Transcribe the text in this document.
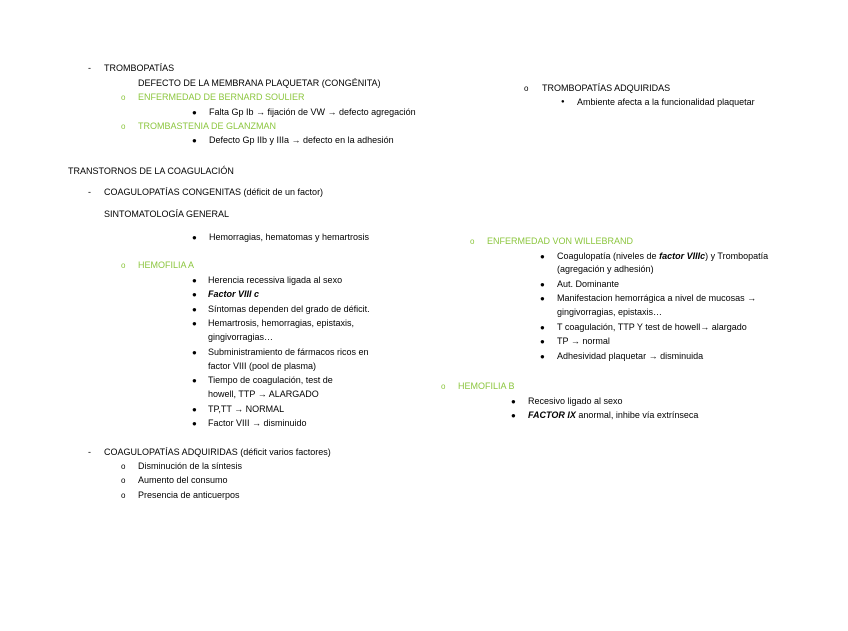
- TROMBOPATÍAS
DEFECTO DE LA MEMBRANA PLAQUETAR (CONGÉNITA)
o ENFERMEDAD DE BERNARD SOULIER
● Falta Gp Ib → fijación de VW → defecto agregación
o TROMBASTENIA DE GLANZMAN
● Defecto Gp IIb y IIIa → defecto en la adhesión
TRANSTORNOS DE LA COAGULACIÓN
- COAGULOPATÍAS CONGENITAS (déficit de un factor)
SINTOMATOLOGÍA GENERAL
● Hemorragias, hematomas y hemartrosis
o HEMOFILIA A
● Herencia recessiva ligada al sexo
● Factor VIII c
● Síntomas dependen del grado de déficit.
● Hemartrosis, hemorragias, epistaxis,
gingivorragias…
● Subministramiento de fármacos ricos en
factor VIII (pool de plasma)
● Tiempo de coagulación, test de
howell, TTP → ALARGADO
● TP,TT → NORMAL
● Factor VIII → disminuido
- COAGULOPATÍAS ADQUIRIDAS (déficit varios factores)
o Disminución de la síntesis
o Aumento del consumo
o Presencia de anticuerpos
o TROMBOPATÍAS ADQUIRIDAS
● Ambiente afecta a la funcionalidad plaquetar
o ENFERMEDAD VON WILLEBRAND
● Coagulopatía (niveles de factor VIIIc) y Trombopatía
(agregación y adhesión)
● Aut. Dominante
● Manifestacion hemorrágica a nivel de mucosas →
gingivorragias, epistaxis…
● T coagulación, TTP Y test de howell→ alargado
● TP → normal
● Adhesividad plaquetar → disminuida
o HEMOFILIA B
● Recesivo ligado al sexo
● FACTOR IX anormal, inhibe vía extrínseca
